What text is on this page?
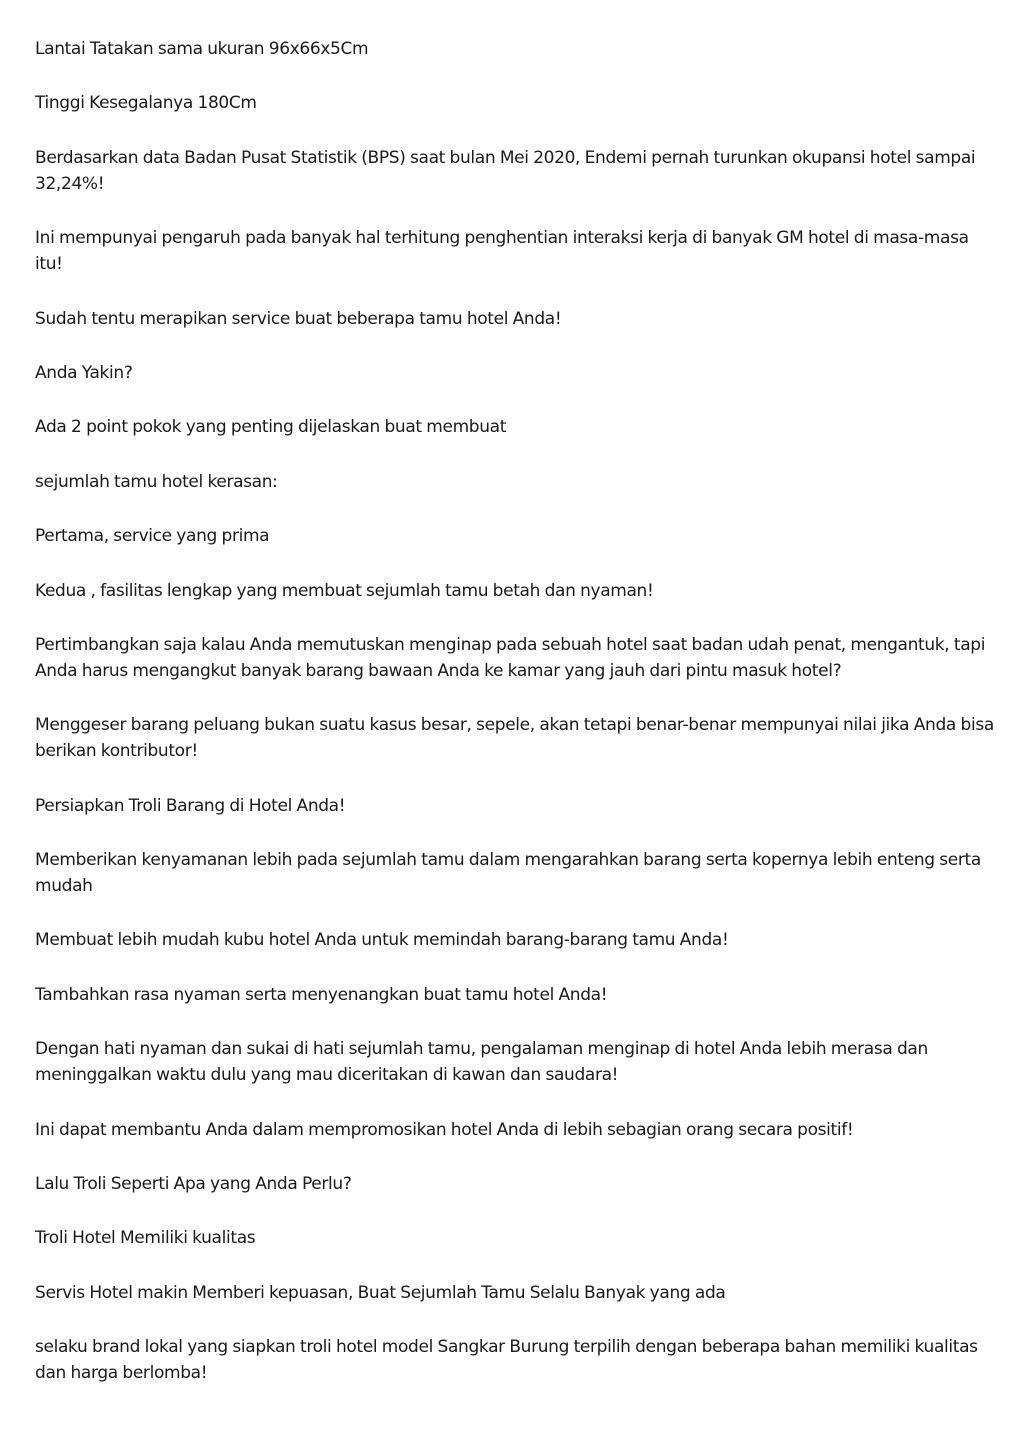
Lantai Tatakan sama ukuran 96x66x5Cm

Tinggi Kesegalanya 180Cm

Berdasarkan data Badan Pusat Statistik (BPS) saat bulan Mei 2020, Endemi pernah turunkan okupansi hotel sampai 32,24%!

Ini mempunyai pengaruh pada banyak hal terhitung penghentian interaksi kerja di banyak GM hotel di masa-masa itu!

Sudah tentu merapikan service buat beberapa tamu hotel Anda!

Anda Yakin?

Ada 2 point pokok yang penting dijelaskan buat membuat

sejumlah tamu hotel kerasan:

Pertama, service yang prima

Kedua , fasilitas lengkap yang membuat sejumlah tamu betah dan nyaman!

Pertimbangkan saja kalau Anda memutuskan menginap pada sebuah hotel saat badan udah penat, mengantuk, tapi Anda harus mengangkut banyak barang bawaan Anda ke kamar yang jauh dari pintu masuk hotel?

Menggeser barang peluang bukan suatu kasus besar, sepele, akan tetapi benar-benar mempunyai nilai jika Anda bisa berikan kontributor!

Persiapkan Troli Barang di Hotel Anda!

Memberikan kenyamanan lebih pada sejumlah tamu dalam mengarahkan barang serta kopernya lebih enteng serta mudah

Membuat lebih mudah kubu hotel Anda untuk memindah barang-barang tamu Anda!

Tambahkan rasa nyaman serta menyenangkan buat tamu hotel Anda!

Dengan hati nyaman dan sukai di hati sejumlah tamu, pengalaman menginap di hotel Anda lebih merasa dan meninggalkan waktu dulu yang mau diceritakan di kawan dan saudara!

Ini dapat membantu Anda dalam mempromosikan hotel Anda di lebih sebagian orang secara positif!

Lalu Troli Seperti Apa yang Anda Perlu?

Troli Hotel Memiliki kualitas

Servis Hotel makin Memberi kepuasan, Buat Sejumlah Tamu Selalu Banyak yang ada

selaku brand lokal yang siapkan troli hotel model Sangkar Burung terpilih dengan beberapa bahan memiliki kualitas dan harga berlomba!
